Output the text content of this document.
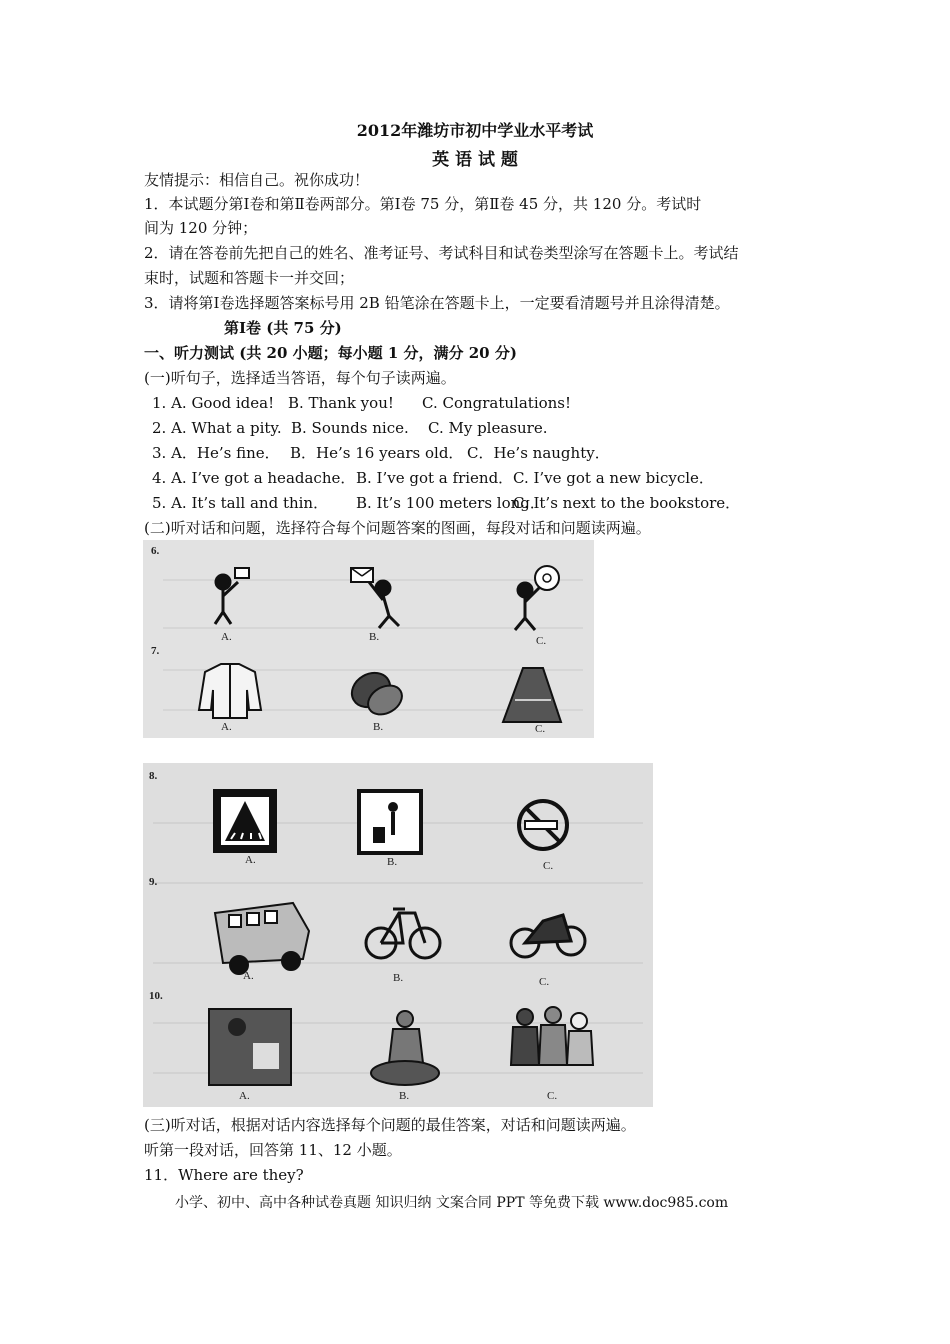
2012年潍坊市初中学业水平考试
英 语 试 题
友情提示：相信自己。祝你成功！
1．本试题分第Ⅰ卷和第Ⅱ卷两部分。第Ⅰ卷 75 分，第Ⅱ卷 45 分，共 120 分。考试时
间为 120 分钟；
2．请在答卷前先把自己的姓名、准考证号、考试科目和试卷类型涂写在答题卡上。考试结
束时，试题和答题卡一并交回；
3．请将第Ⅰ卷选择题答案标号用 2B 铅笔涂在答题卡上，一定要看清题号并且涂得清楚。
第Ⅰ卷 (共 75 分)
一、听力测试 (共 20 小题；每小题 1 分，满分 20 分)
(一)听句子，选择适当答语，每个句子读两遍。
1. A. Good idea! B. Thank you! C. Congratulations!
2. A. What a pity. B. Sounds nice. C. My pleasure.
3. A．He’s fine． B．He’s 16 years old． C．He’s naughty．
4. A. I’ve got a headache． B. I’ve got a friend． C. I’ve got a new bicycle．
5. A. It’s tall and thin． B. It’s 100 meters long．
C. It’s next to the bookstore．
(二)听对话和问题，选择符合每个问题答案的图画，每段对话和问题读两遍。
6.
7.
A.	B.	C.
A.	B.	C.
8.
9.
10.
A.	B.	C.
A.	B.	C.
A.	B.	C.
(三)听对话，根据对话内容选择每个问题的最佳答案，对话和问题读两遍。
听第一段对话，回答第 11、12 小题。
11．Where are they?
小学、初中、高中各种试卷真题 知识归纳 文案合同 PPT 等免费下载 www.doc985.com
